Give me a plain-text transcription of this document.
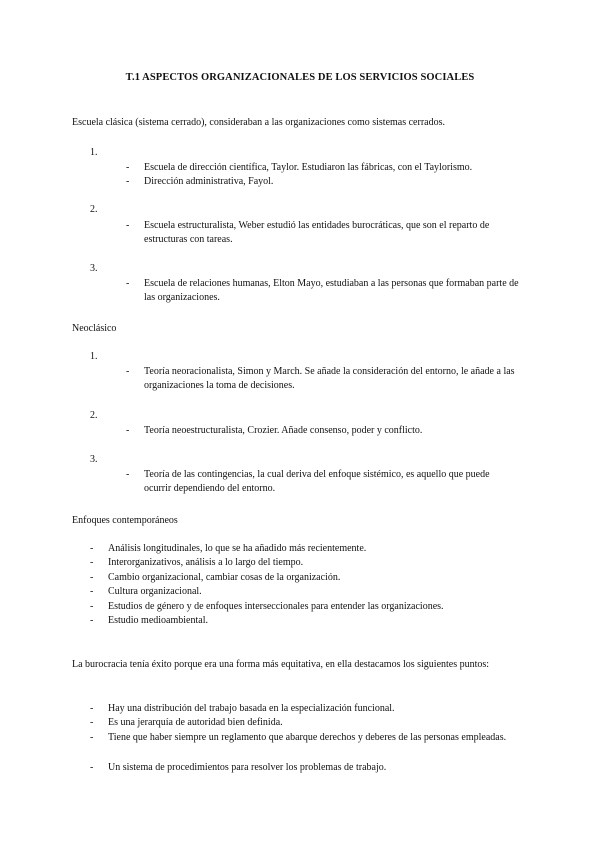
T.1 ASPECTOS ORGANIZACIONALES DE LOS SERVICIOS SOCIALES
Escuela clásica (sistema cerrado), consideraban a las organizaciones como sistemas cerrados.
1.
- Escuela de dirección científica, Taylor. Estudiaron las fábricas, con el Taylorismo.
- Dirección administrativa, Fayol.
2.
- Escuela estructuralista, Weber estudió las entidades burocráticas, que son el reparto de estructuras con tareas.
3.
- Escuela de relaciones humanas, Elton Mayo, estudiaban a las personas que formaban parte de las organizaciones.
Neoclásico
1.
- Teoría neoracionalista, Simon y March. Se añade la consideración del entorno, le añade a las organizaciones la toma de decisiones.
2.
- Teoría neoestructuralista, Crozier. Añade consenso, poder y conflicto.
3.
- Teoría de las contingencias, la cual deriva del enfoque sistémico, es aquello que puede ocurrir dependiendo del entorno.
Enfoques contemporáneos
- Análisis longitudinales, lo que se ha añadido más recientemente.
- Interorganizativos, análisis a lo largo del tiempo.
- Cambio organizacional, cambiar cosas de la organización.
- Cultura organizacional.
- Estudios de género y de enfoques interseccionales para entender las organizaciones.
- Estudio medioambiental.
La burocracia tenía éxito porque era una forma más equitativa, en ella destacamos los siguientes puntos:
- Hay una distribución del trabajo basada en la especialización funcional.
- Es una jerarquía de autoridad bien definida.
- Tiene que haber siempre un reglamento que abarque derechos y deberes de las personas empleadas.
- Un sistema de procedimientos para resolver los problemas de trabajo.
